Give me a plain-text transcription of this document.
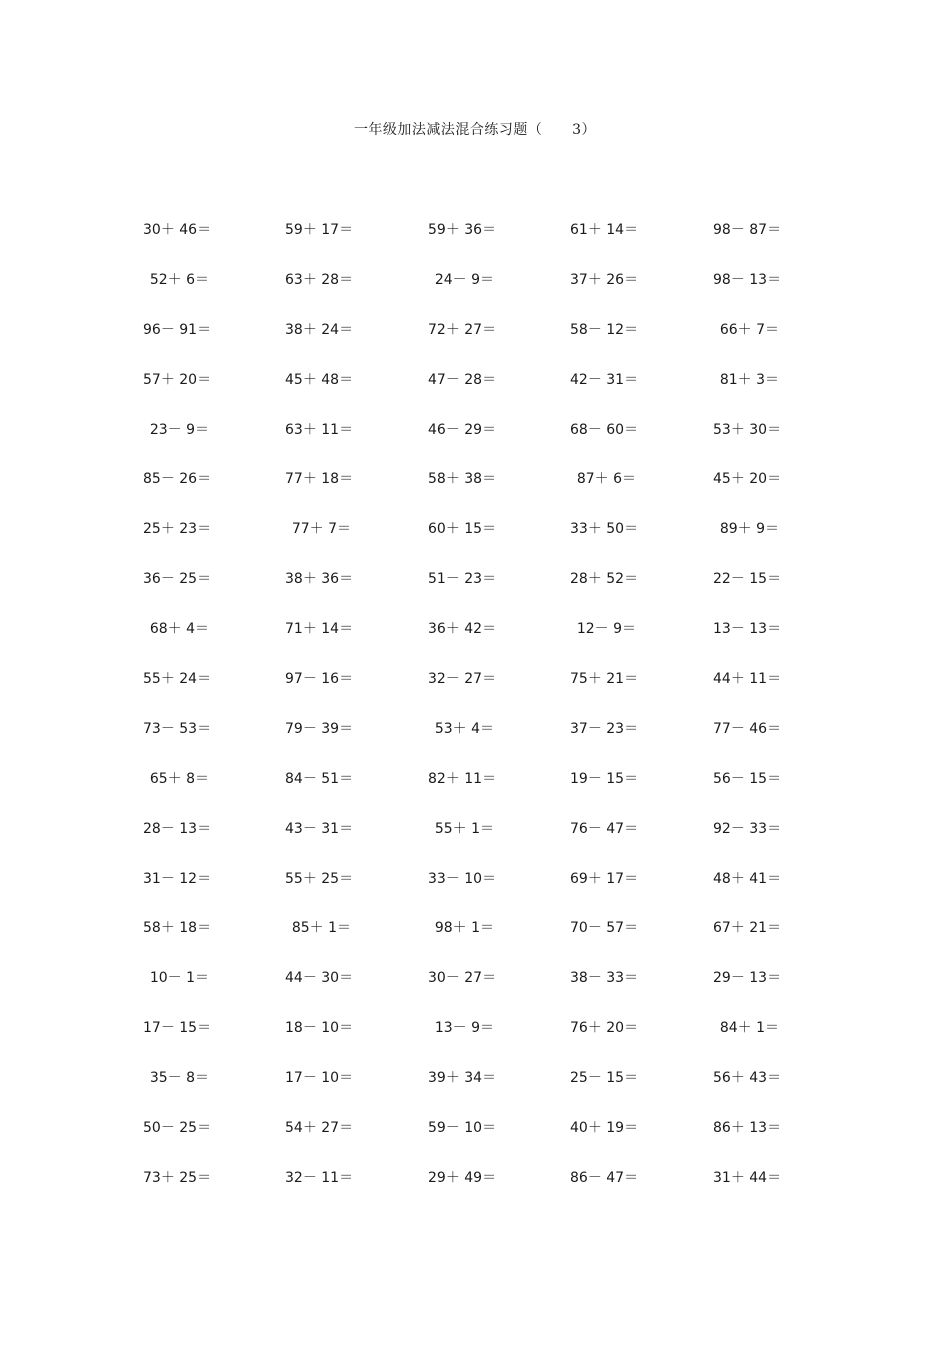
一年级加法减法混合练习题（      3）
30＋ 46＝	59＋ 17＝	59＋ 36＝	61＋ 14＝	98－ 87＝
52＋ 6＝	63＋ 28＝	24－ 9＝	37＋ 26＝	98－ 13＝
96－ 91＝	38＋ 24＝	72＋ 27＝	58－ 12＝	66＋ 7＝
57＋ 20＝	45＋ 48＝	47－ 28＝	42－ 31＝	81＋ 3＝
23－ 9＝	63＋ 11＝	46－ 29＝	68－ 60＝	53＋ 30＝
85－ 26＝	77＋ 18＝	58＋ 38＝	87＋ 6＝	45＋ 20＝
25＋ 23＝	77＋ 7＝	60＋ 15＝	33＋ 50＝	89＋ 9＝
36－ 25＝	38＋ 36＝	51－ 23＝	28＋ 52＝	22－ 15＝
68＋ 4＝	71＋ 14＝	36＋ 42＝	12－ 9＝	13－ 13＝
55＋ 24＝	97－ 16＝	32－ 27＝	75＋ 21＝	44＋ 11＝
73－ 53＝	79－ 39＝	53＋ 4＝	37－ 23＝	77－ 46＝
65＋ 8＝	84－ 51＝	82＋ 11＝	19－ 15＝	56－ 15＝
28－ 13＝	43－ 31＝	55＋ 1＝	76－ 47＝	92－ 33＝
31－ 12＝	55＋ 25＝	33－ 10＝	69＋ 17＝	48＋ 41＝
58＋ 18＝	85＋ 1＝	98＋ 1＝	70－ 57＝	67＋ 21＝
10－ 1＝	44－ 30＝	30－ 27＝	38－ 33＝	29－ 13＝
17－ 15＝	18－ 10＝	13－ 9＝	76＋ 20＝	84＋ 1＝
35－ 8＝	17－ 10＝	39＋ 34＝	25－ 15＝	56＋ 43＝
50－ 25＝	54＋ 27＝	59－ 10＝	40＋ 19＝	86＋ 13＝
73＋ 25＝	32－ 11＝	29＋ 49＝	86－ 47＝	31＋ 44＝
